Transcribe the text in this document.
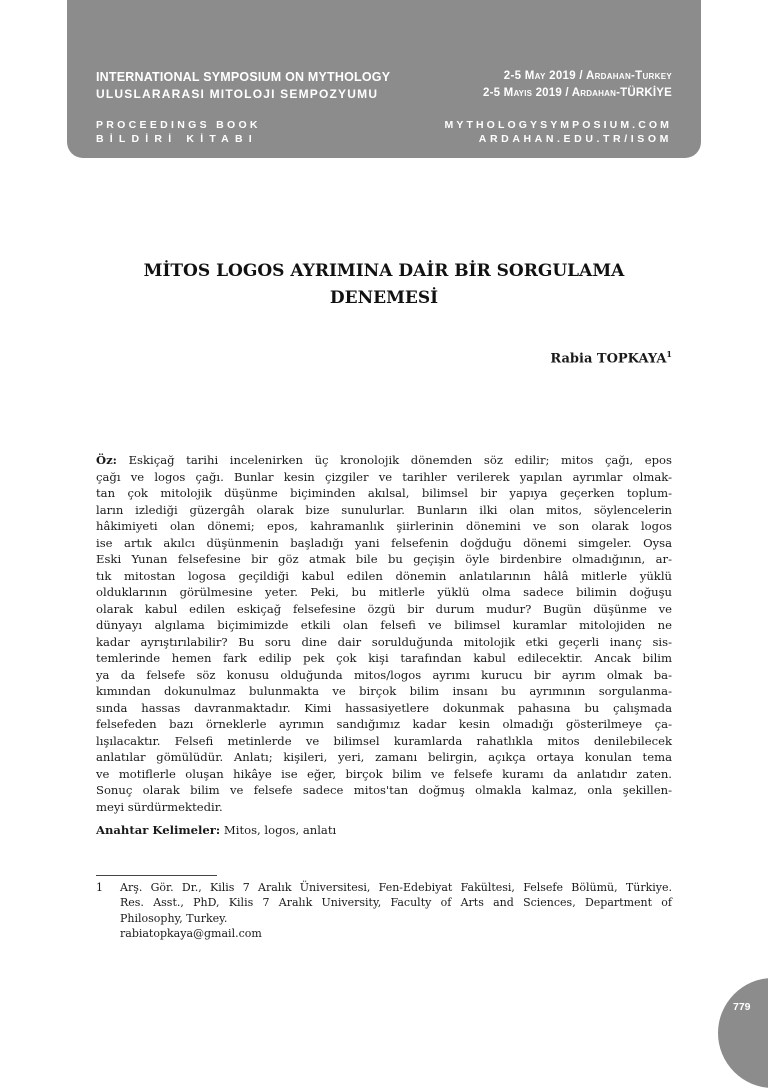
INTERNATIONAL SYMPOSIUM ON MYTHOLOGY
ULUSLARARASI MITOLOJI SEMPOZYUMU
PROCEEDINGS BOOK
BİLDİRİ KİTABI
2-5 May 2019 / Ardahan-Turkey
2-5 Mayıs 2019 / Ardahan-TÜRKİYE
MYTHOLOGYSYMPOSIUM.COM
ARDAHAN.EDU.TR/ISOM
MİTOS LOGOS AYRIMINA DAİR BİR SORGULAMA DENEMESİ
Rabia TOPKAYA$^1$
Öz: Eskiçağ tarihi incelenirken üç kronolojik dönemden söz edilir; mitos çağı, epos
çağı ve logos çağı. Bunlar kesin çizgiler ve tarihler verilerek yapılan ayrımlar olmak-
tan çok mitolojik düşünme biçiminden akılsal, bilimsel bir yapıya geçerken toplum-
ların izlediği güzergâh olarak bize sunulurlar. Bunların ilki olan mitos, söylencelerin
hâkimiyeti olan dönemi; epos, kahramanlık şiirlerinin dönemini ve son olarak logos
ise artık akılcı düşünmenin başladığı yani felsefenin doğduğu dönemi simgeler. Oysa
Eski Yunan felsefesine bir göz atmak bile bu geçişin öyle birdenbire olmadığının, ar-
tık mitostan logosa geçildiği kabul edilen dönemin anlatılarının hâlâ mitlerle yüklü
olduklarının görülmesine yeter. Peki, bu mitlerle yüklü olma sadece bilimin doğuşu
olarak kabul edilen eskiçağ felsefesine özgü bir durum mudur? Bugün düşünme ve
dünyayı algılama biçimimizde etkili olan felsefi ve bilimsel kuramlar mitolojiden ne
kadar ayrıştırılabilir? Bu soru dine dair sorulduğunda mitolojik etki geçerli inanç sis-
temlerinde hemen fark edilip pek çok kişi tarafından kabul edilecektir. Ancak bilim
ya da felsefe söz konusu olduğunda mitos/logos ayrımı kurucu bir ayrım olmak ba-
kımından dokunulmaz bulunmakta ve birçok bilim insanı bu ayrımının sorgulanma-
sında hassas davranmaktadır. Kimi hassasiyetlere dokunmak pahasına bu çalışmada
felsefeden bazı örneklerle ayrımın sandığımız kadar kesin olmadığı gösterilmeye ça-
lışılacaktır. Felsefi metinlerde ve bilimsel kuramlarda rahatlıkla mitos denilebilecek
anlatılar gömülüdür. Anlatı; kişileri, yeri, zamanı belirgin, açıkça ortaya konulan tema
ve motiflerle oluşan hikâye ise eğer, birçok bilim ve felsefe kuramı da anlatıdır zaten.
Sonuç olarak bilim ve felsefe sadece mitos'tan doğmuş olmakla kalmaz, onla şekillen-
meyi sürdürmektedir.
Anahtar Kelimeler: Mitos, logos, anlatı
1 Arş. Gör. Dr., Kilis 7 Aralık Üniversitesi, Fen-Edebiyat Fakültesi, Felsefe Bölümü, Türkiye.
Res. Asst., PhD, Kilis 7 Aralık University, Faculty of Arts and Sciences, Department of
Philosophy, Turkey.
rabiatopkaya@gmail.com
779
